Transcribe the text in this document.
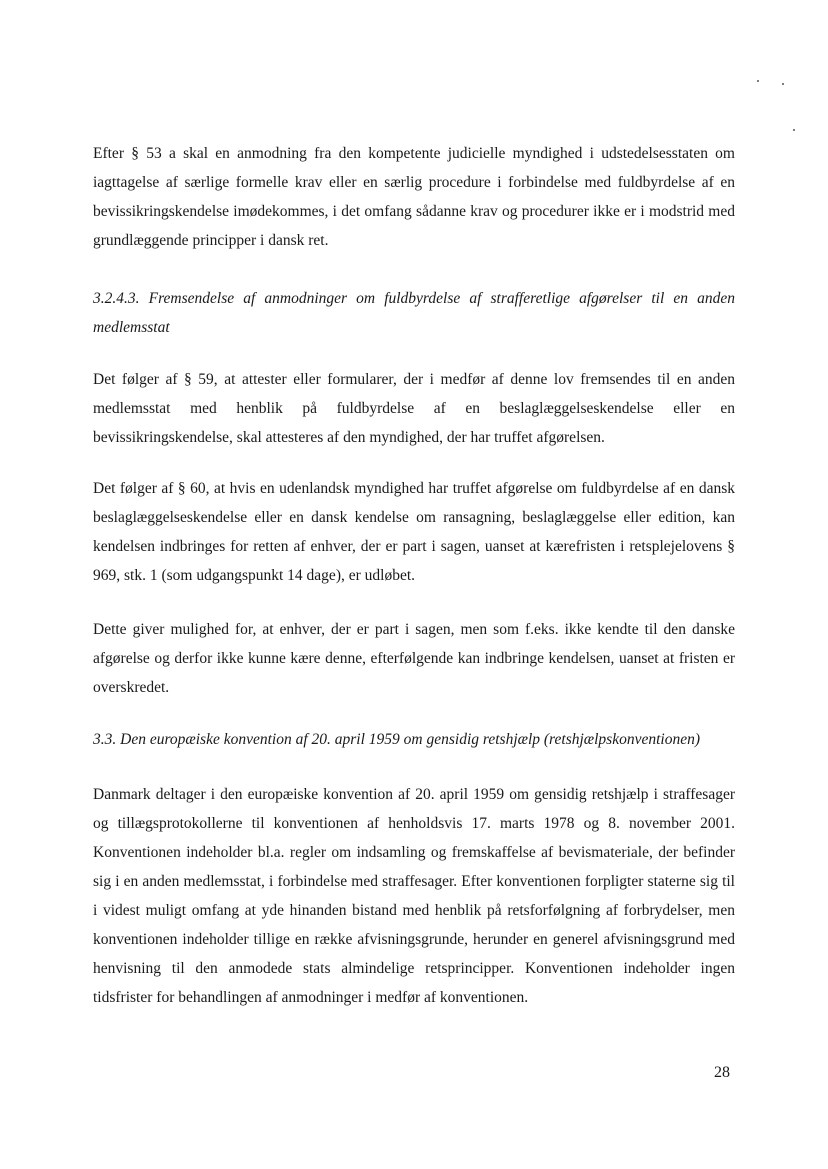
Efter § 53 a skal en anmodning fra den kompetente judicielle myndighed i udstedelsesstaten om iagttagelse af særlige formelle krav eller en særlig procedure i forbindelse med fuldbyrdelse af en bevissikringskendelse imødekommes, i det omfang sådanne krav og procedurer ikke er i modstrid med grundlæggende principper i dansk ret.

3.2.4.3. Fremsendelse af anmodninger om fuldbyrdelse af strafferetlige afgørelser til en anden medlemsstat

Det følger af § 59, at attester eller formularer, der i medfør af denne lov fremsendes til en anden medlemsstat med henblik på fuldbyrdelse af en beslaglæggelseskendelse eller en bevissikringskendelse, skal attesteres af den myndighed, der har truffet afgørelsen.

Det følger af § 60, at hvis en udenlandsk myndighed har truffet afgørelse om fuldbyrdelse af en dansk beslaglæggelseskendelse eller en dansk kendelse om ransagning, beslaglæggelse eller edition, kan kendelsen indbringes for retten af enhver, der er part i sagen, uanset at kærefristen i retsplejelovens § 969, stk. 1 (som udgangspunkt 14 dage), er udløbet.

Dette giver mulighed for, at enhver, der er part i sagen, men som f.eks. ikke kendte til den danske afgørelse og derfor ikke kunne kære denne, efterfølgende kan indbringe kendelsen, uanset at fristen er overskredet.

3.3. Den europæiske konvention af 20. april 1959 om gensidig retshjælp (retshjælpskonventionen)

Danmark deltager i den europæiske konvention af 20. april 1959 om gensidig retshjælp i straffesager og tillægsprotokollerne til konventionen af henholdsvis 17. marts 1978 og 8. november 2001. Konventionen indeholder bl.a. regler om indsamling og fremskaffelse af bevismateriale, der befinder sig i en anden medlemsstat, i forbindelse med straffesager. Efter konventionen forpligter staterne sig til i videst muligt omfang at yde hinanden bistand med henblik på retsforfølgning af forbrydelser, men konventionen indeholder tillige en række afvisningsgrunde, herunder en generel afvisningsgrund med henvisning til den anmodede stats almindelige retsprincipper. Konventionen indeholder ingen tidsfrister for behandlingen af anmodninger i medfør af konventionen.

28
